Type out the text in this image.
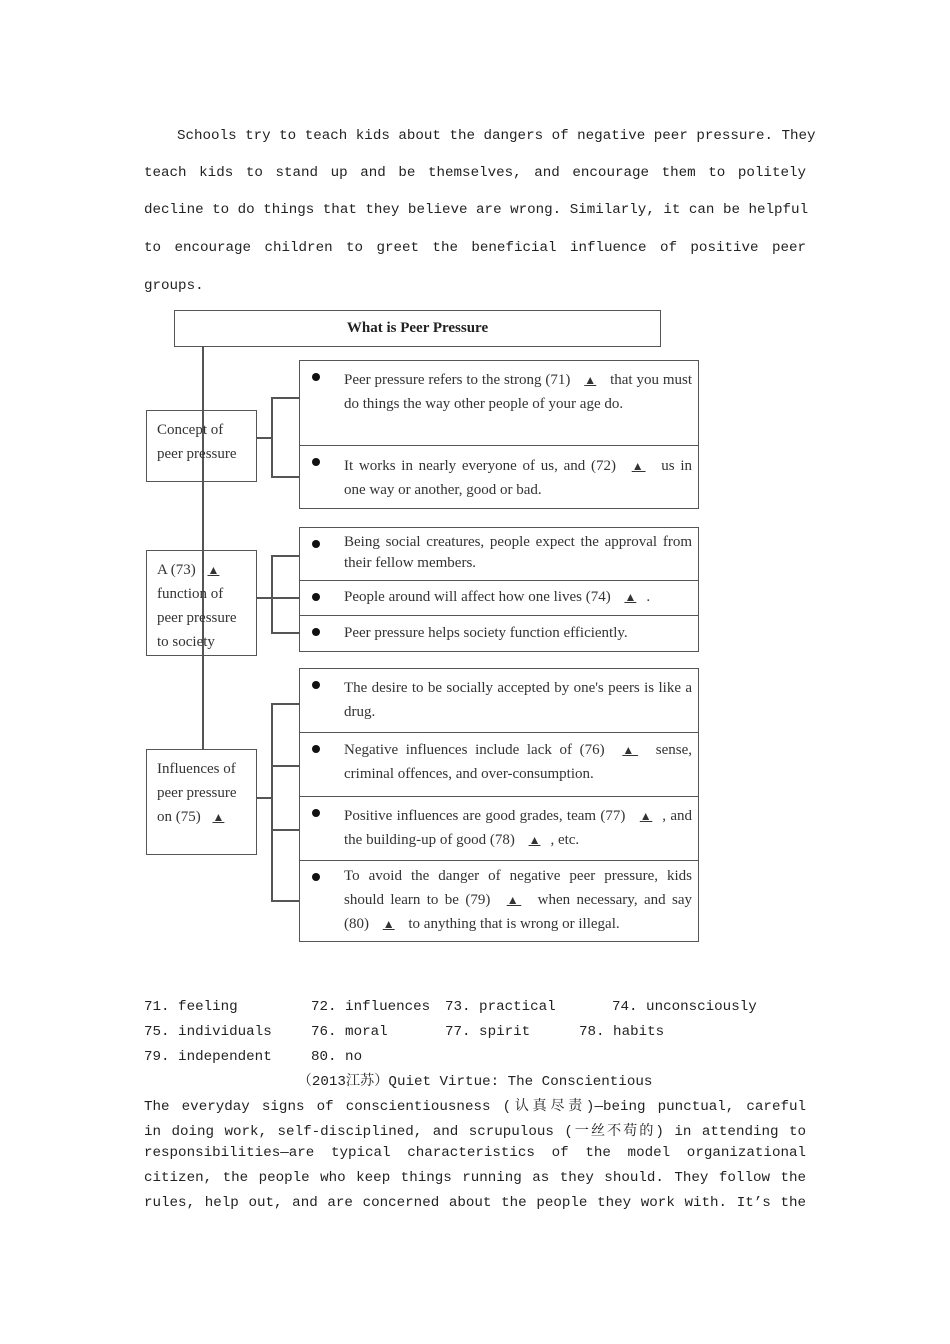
Schools try to teach kids about the dangers of negative peer pressure. They
teach kids to stand up and be themselves, and encourage them to politely
decline to do things that they believe are wrong. Similarly, it can be helpful
to encourage children to greet the beneficial influence of positive peer
groups.
What is Peer Pressure
Concept of peer pressure
A (73) ▲
function of peer pressure to society
Influences of peer pressure on (75) ▲
Peer pressure refers to the strong (71) ▲ that you must do things the way other people of your age do.
It works in nearly everyone of us, and (72) ▲ us in one way or another, good or bad.
Being social creatures, people expect the approval from their fellow members.
People around will affect how one lives (74) ▲ .
Peer pressure helps society function efficiently.
The desire to be socially accepted by one's peers is like a drug.
Negative influences include lack of (76) ▲ sense, criminal offences, and over-consumption.
Positive influences are good grades, team (77) ▲ , and the building-up of good (78) ▲ , etc.
To avoid the danger of negative peer pressure, kids should learn to be (79) ▲ when necessary, and say (80) ▲ to anything that is wrong or illegal.
71. feeling	72. influences 73. practical	74. unconsciously
75. individuals	76. moral	77. spirit	78. habits
79. independent	80. no
（2013江苏）Quiet Virtue: The Conscientious
The everyday signs of conscientiousness (认真尽责)—being punctual, careful
in doing work, self-disciplined, and scrupulous (一丝不苟的) in attending to
responsibilities—are typical characteristics of the model organizational
citizen, the people who keep things running as they should. They follow the
rules, help out, and are concerned about the people they work with. It’s the
